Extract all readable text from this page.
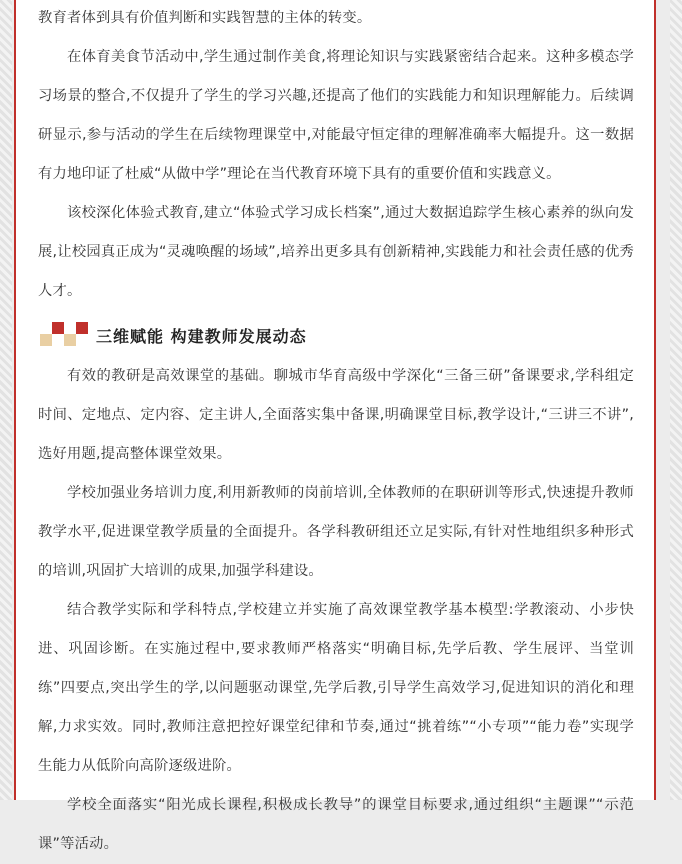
教育者体到具有价值判断和实践智慧的主体的转变。

在体育美食节活动中,学生通过制作美食,将理论知识与实践紧密结合起来。这种多模态学习场景的整合,不仅提升了学生的学习兴趣,还提高了他们的实践能力和知识理解能力。后续调研显示,参与活动的学生在后续物理课堂中,对能最守恒定律的理解准确率大幅提升。这一数据有力地印证了杜威“从做中学”理论在当代教育环境下具有的重要价值和实践意义。

该校深化体验式教育,建立“体验式学习成长档案”,通过大数据追踪学生核心素养的纵向发展,让校园真正成为“灵魂唤醒的场域”,培养出更多具有创新精神,实践能力和社会责任感的优秀人才。

三维赋能 构建教师发展动态

有效的教研是高效课堂的基础。聊城市华育高级中学深化“三备三研”备课要求,学科组定时间、定地点、定内容、定主讲人,全面落实集中备课,明确课堂目标,教学设计,“三讲三不讲”,选好用题,提高整体课堂效果。

学校加强业务培训力度,利用新教师的岗前培训,全体教师的在职研训等形式,快速提升教师教学水平,促进课堂教学质量的全面提升。各学科教研组还立足实际,有针对性地组织多种形式的培训,巩固扩大培训的成果,加强学科建设。

结合教学实际和学科特点,学校建立并实施了高效课堂教学基本模型:学教滚动、小步快进、巩固诊断。在实施过程中,要求教师严格落实“明确目标,先学后教、学生展评、当堂训练”四要点,突出学生的学,以问题驱动课堂,先学后教,引导学生高效学习,促进知识的消化和理解,力求实效。同时,教师注意把控好课堂纪律和节奏,通过“挑着练”“小专项”“能力卷”实现学生能力从低阶向高阶逐级进阶。

学校全面落实“阳光成长课程,积极成长教导”的课堂目标要求,通过组织“主题课”“示范课”等活动。
